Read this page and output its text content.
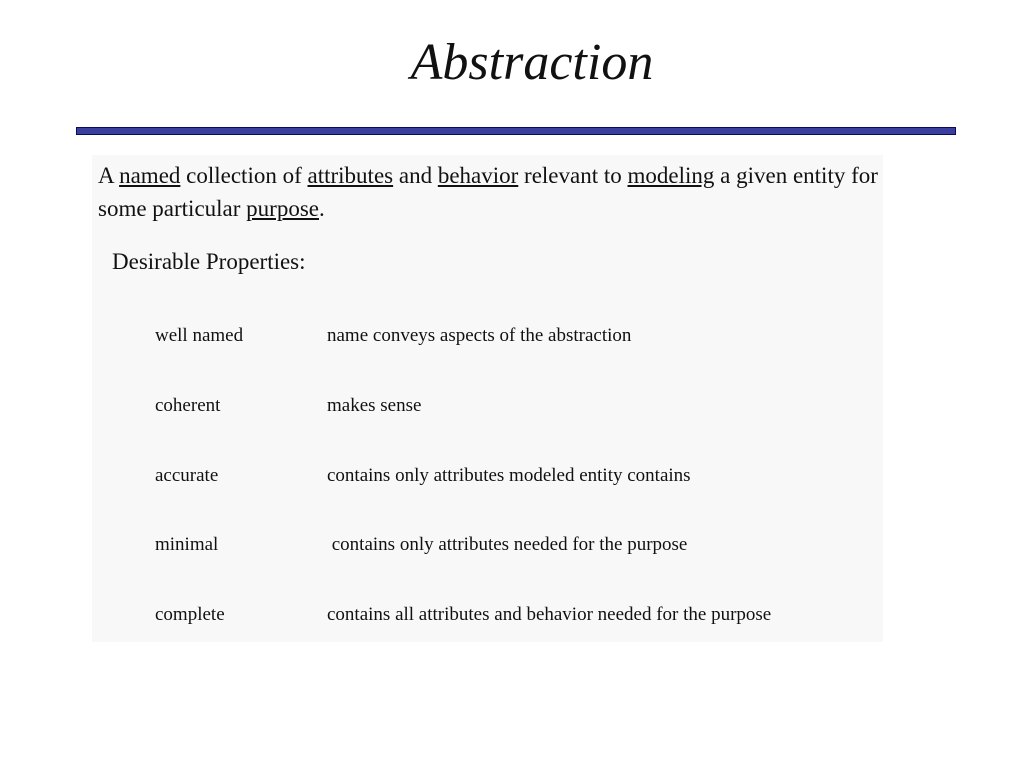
Abstraction

A named collection of attributes and behavior relevant to modeling a given entity for some particular purpose.

Desirable Properties:
well named	name conveys aspects of the abstraction
coherent	makes sense
accurate	contains only attributes modeled entity contains
minimal	contains only attributes needed for the purpose
complete	contains all attributes and behavior needed for the purpose
